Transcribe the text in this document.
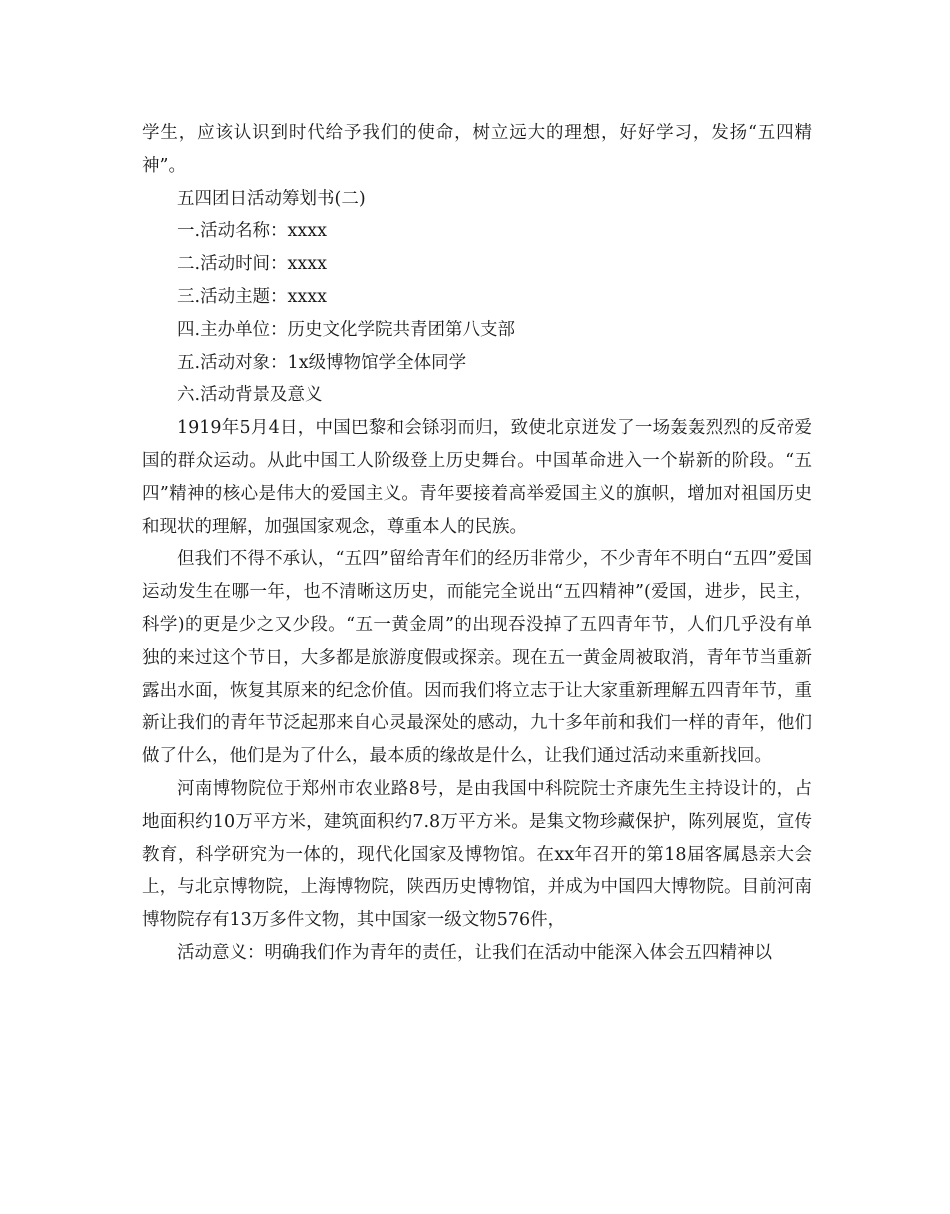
学生，应该认识到时代给予我们的使命，树立远大的理想，好好学习，发扬“五四精神”。

五四团日活动筹划书(二)

一.活动名称：xxxx

二.活动时间：xxxx

三.活动主题：xxxx

四.主办单位：历史文化学院共青团第八支部

五.活动对象：1x级博物馆学全体同学

六.活动背景及意义

1919年5月4日，中国巴黎和会铩羽而归，致使北京迸发了一场轰轰烈烈的反帝爱国的群众运动。从此中国工人阶级登上历史舞台。中国革命进入一个崭新的阶段。“五四”精神的核心是伟大的爱国主义。青年要接着高举爱国主义的旗帜，增加对祖国历史和现状的理解，加强国家观念，尊重本人的民族。

但我们不得不承认，“五四”留给青年们的经历非常少，不少青年不明白“五四”爱国运动发生在哪一年，也不清晰这历史，而能完全说出“五四精神”(爱国，进步，民主，科学)的更是少之又少段。“五一黄金周”的出现吞没掉了五四青年节，人们几乎没有单独的来过这个节日，大多都是旅游度假或探亲。现在五一黄金周被取消，青年节当重新露出水面，恢复其原来的纪念价值。因而我们将立志于让大家重新理解五四青年节，重新让我们的青年节泛起那来自心灵最深处的感动，九十多年前和我们一样的青年，他们做了什么，他们是为了什么，最本质的缘故是什么，让我们通过活动来重新找回。

河南博物院位于郑州市农业路8号，是由我国中科院院士齐康先生主持设计的，占地面积约10万平方米，建筑面积约7.8万平方米。是集文物珍藏保护，陈列展览，宣传教育，科学研究为一体的，现代化国家及博物馆。在xx年召开的第18届客属恳亲大会上，与北京博物院，上海博物院，陕西历史博物馆，并成为中国四大博物院。目前河南博物院存有13万多件文物，其中国家一级文物576件，

活动意义：明确我们作为青年的责任，让我们在活动中能深入体会五四精神以
